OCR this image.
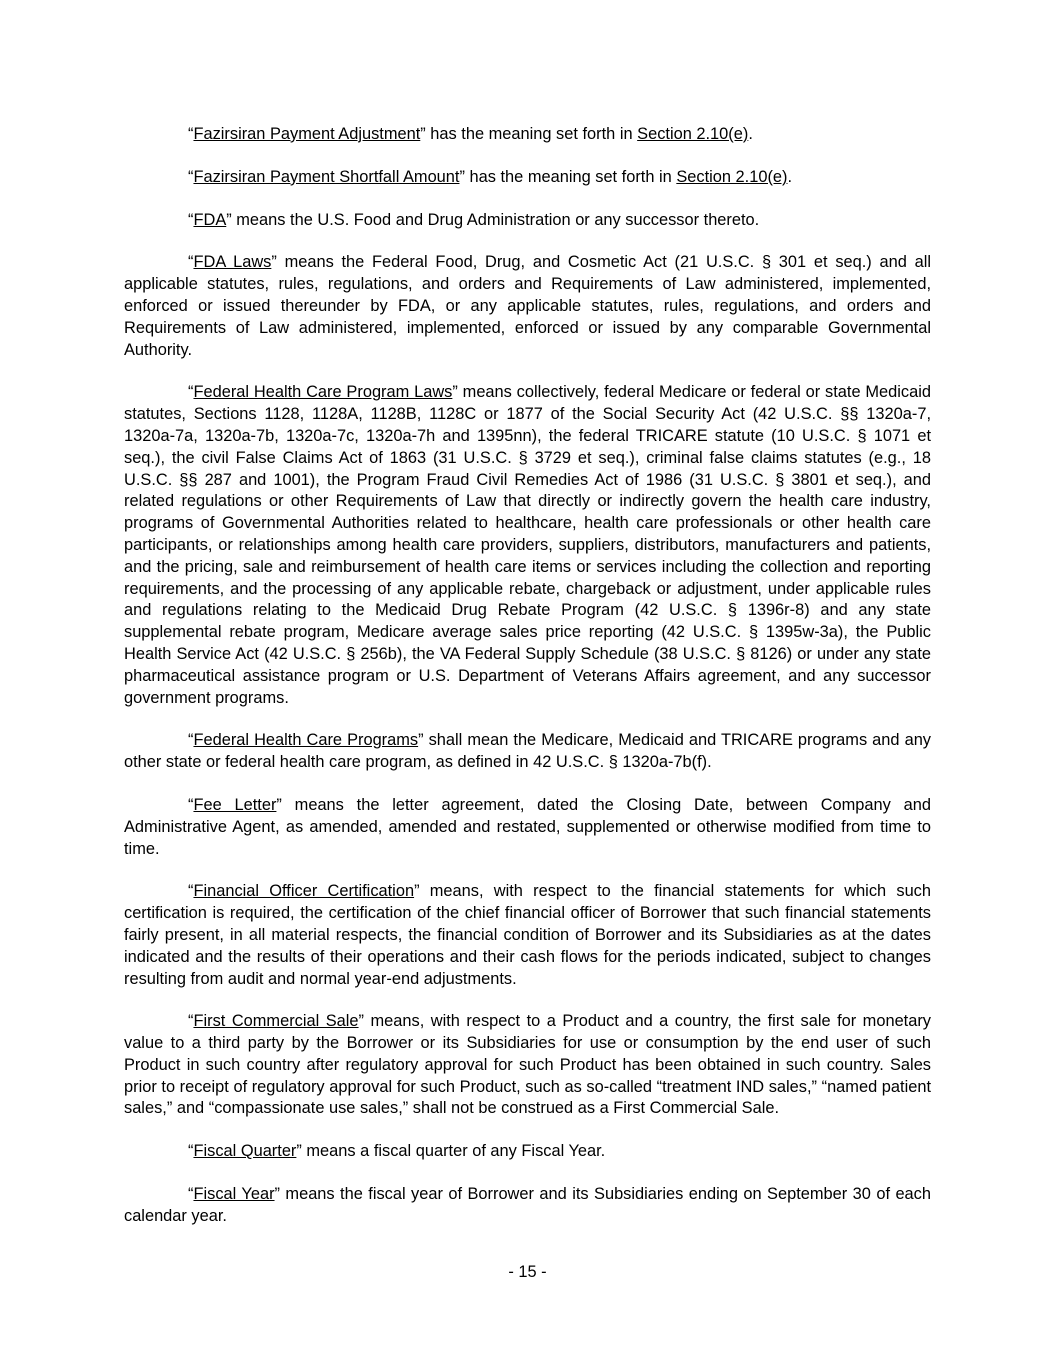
“Fazirsiran Payment Adjustment” has the meaning set forth in Section 2.10(e).

“Fazirsiran Payment Shortfall Amount” has the meaning set forth in Section 2.10(e).

“FDA” means the U.S. Food and Drug Administration or any successor thereto.

“FDA Laws” means the Federal Food, Drug, and Cosmetic Act (21 U.S.C. § 301 et seq.) and all applicable statutes, rules, regulations, and orders and Requirements of Law administered, implemented, enforced or issued thereunder by FDA, or any applicable statutes, rules, regulations, and orders and Requirements of Law administered, implemented, enforced or issued by any comparable Governmental Authority.

“Federal Health Care Program Laws” means collectively, federal Medicare or federal or state Medicaid statutes, Sections 1128, 1128A, 1128B, 1128C or 1877 of the Social Security Act (42 U.S.C. §§ 1320a-7, 1320a-7a, 1320a-7b, 1320a-7c, 1320a-7h and 1395nn), the federal TRICARE statute (10 U.S.C. § 1071 et seq.), the civil False Claims Act of 1863 (31 U.S.C. § 3729 et seq.), criminal false claims statutes (e.g., 18 U.S.C. §§ 287 and 1001), the Program Fraud Civil Remedies Act of 1986 (31 U.S.C. § 3801 et seq.), and related regulations or other Requirements of Law that directly or indirectly govern the health care industry, programs of Governmental Authorities related to healthcare, health care professionals or other health care participants, or relationships among health care providers, suppliers, distributors, manufacturers and patients, and the pricing, sale and reimbursement of health care items or services including the collection and reporting requirements, and the processing of any applicable rebate, chargeback or adjustment, under applicable rules and regulations relating to the Medicaid Drug Rebate Program (42 U.S.C. § 1396r-8) and any state supplemental rebate program, Medicare average sales price reporting (42 U.S.C. § 1395w-3a), the Public Health Service Act (42 U.S.C. § 256b), the VA Federal Supply Schedule (38 U.S.C. § 8126) or under any state pharmaceutical assistance program or U.S. Department of Veterans Affairs agreement, and any successor government programs.

“Federal Health Care Programs” shall mean the Medicare, Medicaid and TRICARE programs and any other state or federal health care program, as defined in 42 U.S.C. § 1320a-7b(f).

“Fee Letter” means the letter agreement, dated the Closing Date, between Company and Administrative Agent, as amended, amended and restated, supplemented or otherwise modified from time to time.

“Financial Officer Certification” means, with respect to the financial statements for which such certification is required, the certification of the chief financial officer of Borrower that such financial statements fairly present, in all material respects, the financial condition of Borrower and its Subsidiaries as at the dates indicated and the results of their operations and their cash flows for the periods indicated, subject to changes resulting from audit and normal year-end adjustments.

“First Commercial Sale” means, with respect to a Product and a country, the first sale for monetary value to a third party by the Borrower or its Subsidiaries for use or consumption by the end user of such Product in such country after regulatory approval for such Product has been obtained in such country. Sales prior to receipt of regulatory approval for such Product, such as so-called “treatment IND sales,” “named patient sales,” and “compassionate use sales,” shall not be construed as a First Commercial Sale.

“Fiscal Quarter” means a fiscal quarter of any Fiscal Year.

“Fiscal Year” means the fiscal year of Borrower and its Subsidiaries ending on September 30 of each calendar year.

- 15 -
